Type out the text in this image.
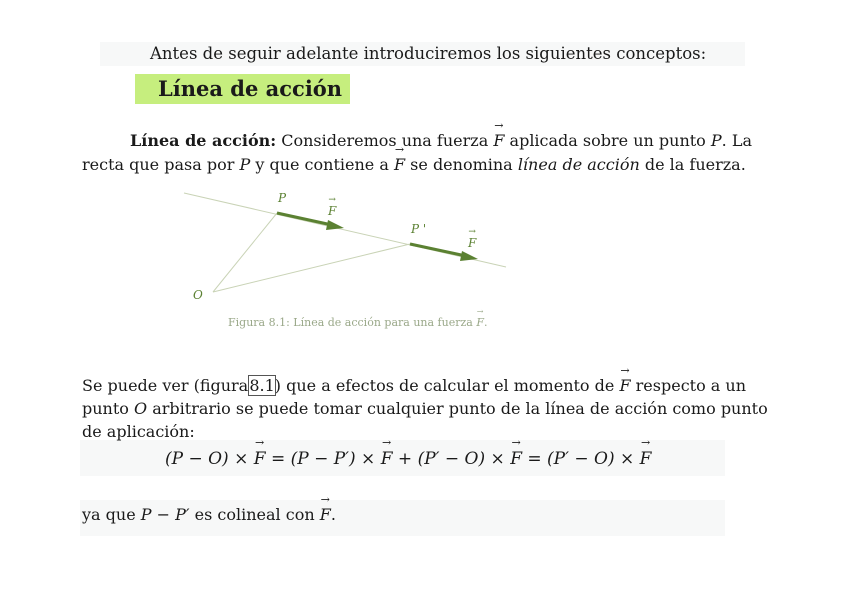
Antes de seguir adelante introduciremos los siguientes conceptos:
Línea de acción
Línea de acción: Consideremos una fuerza → F aplicada sobre un punto P. La
recta que pasa por P y que contiene a → F se denomina línea de acción de la fuerza.
P
→ F
P '
→ F
O
Figura 8.1: Línea de acción para una fuerza → F.
Se puede ver (figura 8.1) que a efectos de calcular el momento de → F respecto a un
punto O arbitrario se puede tomar cualquier punto de la línea de acción como punto
de aplicación:
(P − O) × → F = (P − P′) × → F + (P′ − O) × → F = (P′ − O) × → F
ya que P − P′ es colineal con → F.
